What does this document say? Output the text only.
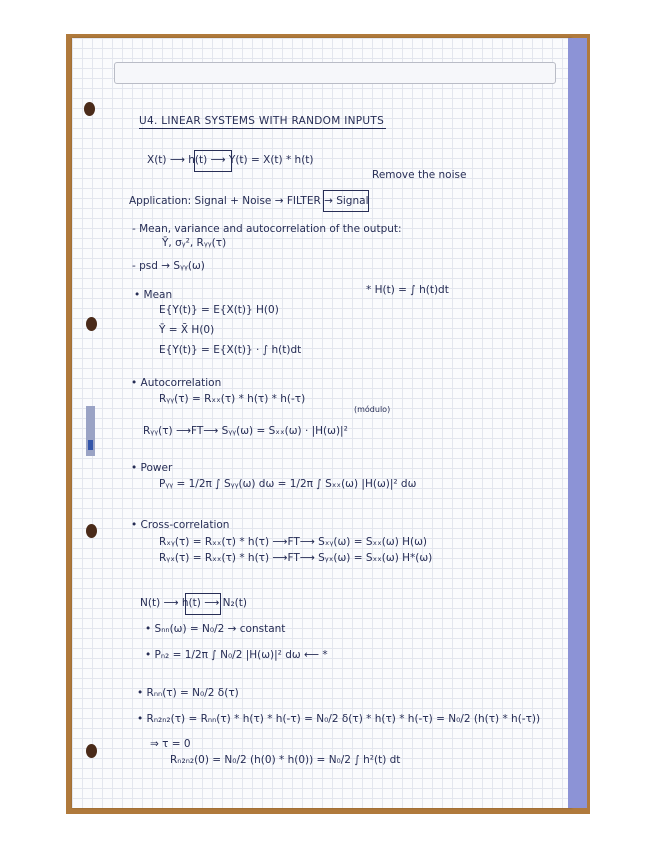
U4. LINEAR SYSTEMS WITH RANDOM INPUTS
X(t) ⟶ h(t) ⟶ Y(t) = X(t) * h(t)
Remove the noise
Application: Signal + Noise → FILTER → Signal
- Mean, variance and autocorrelation of the output:
Ȳ, σᵧ², Rᵧᵧ(τ)
- psd → Sᵧᵧ(ω)
• Mean	* H(t) = ∫ h(t)dt
E{Y(t)} = E{X(t)} H(0)
Ȳ = X̄ H(0)
E{Y(t)} = E{X(t)} · ∫ h(t)dt
• Autocorrelation
Rᵧᵧ(τ) = Rₓₓ(τ) * h(τ) * h(-τ)
(módulo)
Rᵧᵧ(τ) ⟶FT⟶ Sᵧᵧ(ω) = Sₓₓ(ω) · |H(ω)|²
• Power
Pᵧᵧ = 1/2π ∫ Sᵧᵧ(ω) dω = 1/2π ∫ Sₓₓ(ω) |H(ω)|² dω
• Cross-correlation
Rₓᵧ(τ) = Rₓₓ(τ) * h(τ) ⟶FT⟶ Sₓᵧ(ω) = Sₓₓ(ω) H(ω)
Rᵧₓ(τ) = Rₓₓ(τ) * h(τ) ⟶FT⟶ Sᵧₓ(ω) = Sₓₓ(ω) H*(ω)
N(t) ⟶ h(t) ⟶ N₂(t)
• Sₙₙ(ω) = N₀/2 → constant
• Pₙ₂ = 1/2π ∫ N₀/2 |H(ω)|² dω ⟵ *
• Rₙₙ(τ) = N₀/2 δ(τ)
• Rₙ₂ₙ₂(τ) = Rₙₙ(τ) * h(τ) * h(-τ) = N₀/2 δ(τ) * h(τ) * h(-τ) = N₀/2 (h(τ) * h(-τ))
⇒ τ = 0
Rₙ₂ₙ₂(0) = N₀/2 (h(0) * h(0)) = N₀/2 ∫ h²(t) dt
